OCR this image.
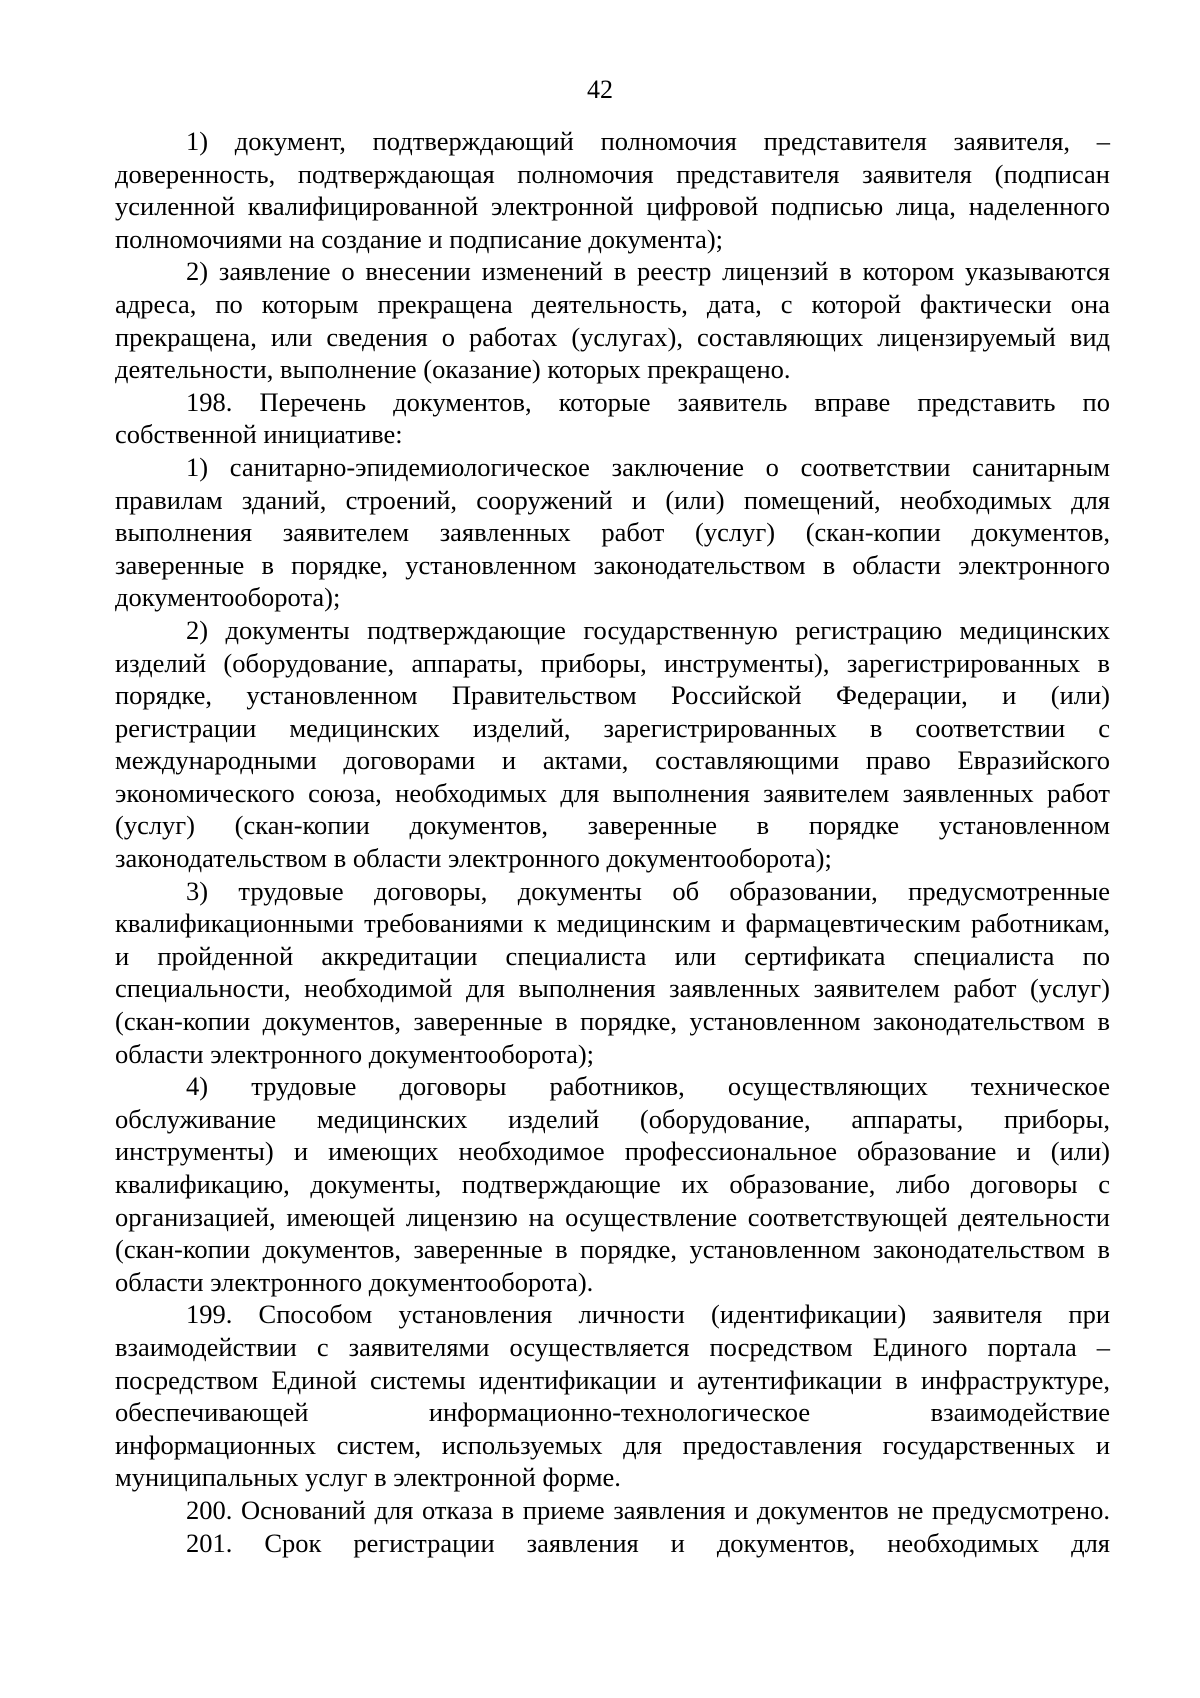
42
1) документ, подтверждающий полномочия представителя заявителя, –
доверенность, подтверждающая полномочия представителя заявителя (подписан
усиленной квалифицированной электронной цифровой подписью лица, наделенного
полномочиями на создание и подписание документа);
2) заявление о внесении изменений в реестр лицензий в котором указываются
адреса, по которым прекращена деятельность, дата, с которой фактически она
прекращена, или сведения о работах (услугах), составляющих лицензируемый вид
деятельности, выполнение (оказание) которых прекращено.
198. Перечень документов, которые заявитель вправе представить по
собственной инициативе:
1) санитарно-эпидемиологическое заключение о соответствии санитарным
правилам зданий, строений, сооружений и (или) помещений, необходимых для
выполнения заявителем заявленных работ (услуг) (скан-копии документов,
заверенные в порядке, установленном законодательством в области электронного
документооборота);
2) документы подтверждающие государственную регистрацию медицинских
изделий (оборудование, аппараты, приборы, инструменты), зарегистрированных в
порядке, установленном Правительством Российской Федерации, и (или)
регистрации медицинских изделий, зарегистрированных в соответствии с
международными договорами и актами, составляющими право Евразийского
экономического союза, необходимых для выполнения заявителем заявленных работ
(услуг) (скан-копии документов, заверенные в порядке установленном
законодательством в области электронного документооборота);
3) трудовые договоры, документы об образовании, предусмотренные
квалификационными требованиями к медицинским и фармацевтическим работникам,
и пройденной аккредитации специалиста или сертификата специалиста по
специальности, необходимой для выполнения заявленных заявителем работ (услуг)
(скан-копии документов, заверенные в порядке, установленном законодательством в
области электронного документооборота);
4) трудовые договоры работников, осуществляющих техническое
обслуживание медицинских изделий (оборудование, аппараты, приборы,
инструменты) и имеющих необходимое профессиональное образование и (или)
квалификацию, документы, подтверждающие их образование, либо договоры с
организацией, имеющей лицензию на осуществление соответствующей деятельности
(скан-копии документов, заверенные в порядке, установленном законодательством в
области электронного документооборота).
199. Способом установления личности (идентификации) заявителя при
взаимодействии с заявителями осуществляется посредством Единого портала –
посредством Единой системы идентификации и аутентификации в инфраструктуре,
обеспечивающей информационно-технологическое взаимодействие
информационных систем, используемых для предоставления государственных и
муниципальных услуг в электронной форме.
200. Оснований для отказа в приеме заявления и документов не предусмотрено.
201. Срок регистрации заявления и документов, необходимых для
